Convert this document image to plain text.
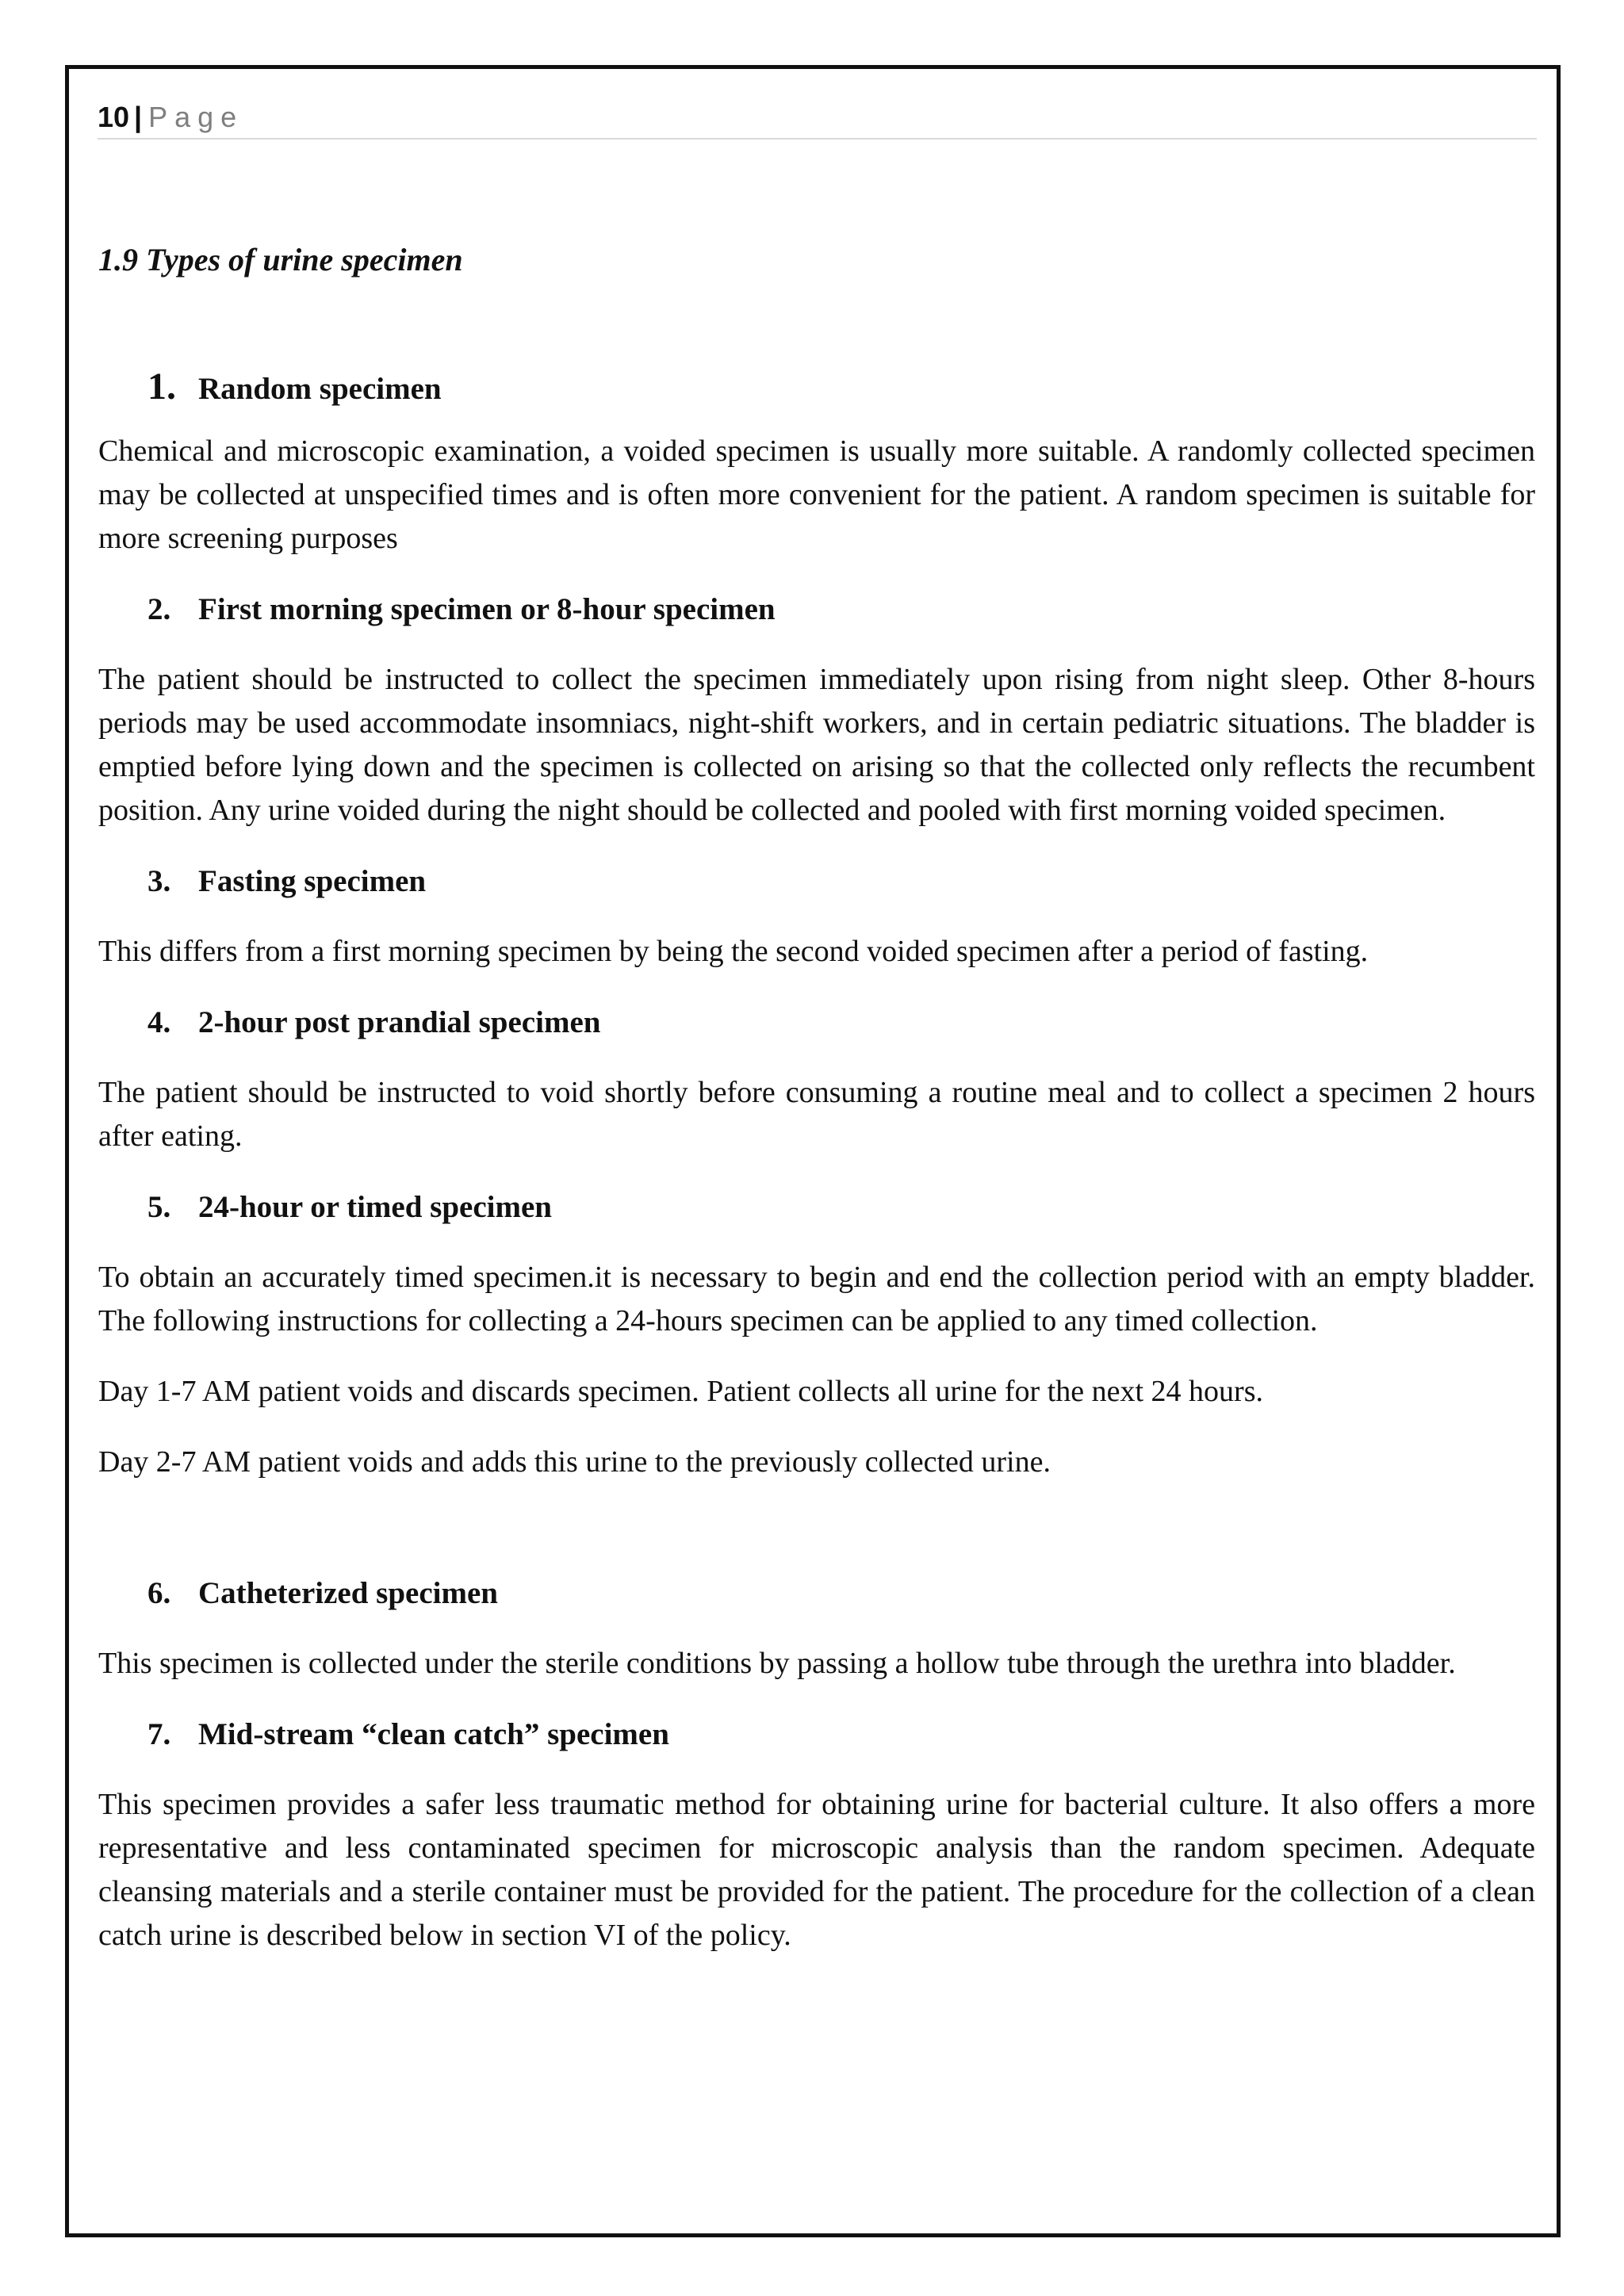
10 | Page

1.9 Types of urine specimen

1. Random specimen

Chemical and microscopic examination, a voided specimen is usually more suitable. A randomly collected specimen may be collected at unspecified times and is often more convenient for the patient. A random specimen is suitable for more screening purposes

2. First morning specimen or 8-hour specimen

The patient should be instructed to collect the specimen immediately upon rising from night sleep. Other 8-hours periods may be used accommodate insomniacs, night-shift workers, and in certain pediatric situations. The bladder is emptied before lying down and the specimen is collected on arising so that the collected only reflects the recumbent position. Any urine voided during the night should be collected and pooled with first morning voided specimen.

3. Fasting specimen

This differs from a first morning specimen by being the second voided specimen after a period of fasting.

4. 2-hour post prandial specimen

The patient should be instructed to void shortly before consuming a routine meal and to collect a specimen 2 hours after eating.

5. 24-hour or timed specimen

To obtain an accurately timed specimen.it is necessary to begin and end the collection period with an empty bladder. The following instructions for collecting a 24-hours specimen can be applied to any timed collection.

Day 1-7 AM patient voids and discards specimen. Patient collects all urine for the next 24 hours.

Day 2-7 AM patient voids and adds this urine to the previously collected urine.

6. Catheterized specimen

This specimen is collected under the sterile conditions by passing a hollow tube through the urethra into bladder.

7. Mid-stream “clean catch” specimen

This specimen provides a safer less traumatic method for obtaining urine for bacterial culture. It also offers a more representative and less contaminated specimen for microscopic analysis than the random specimen. Adequate cleansing materials and a sterile container must be provided for the patient. The procedure for the collection of a clean catch urine is described below in section VI of the policy.
